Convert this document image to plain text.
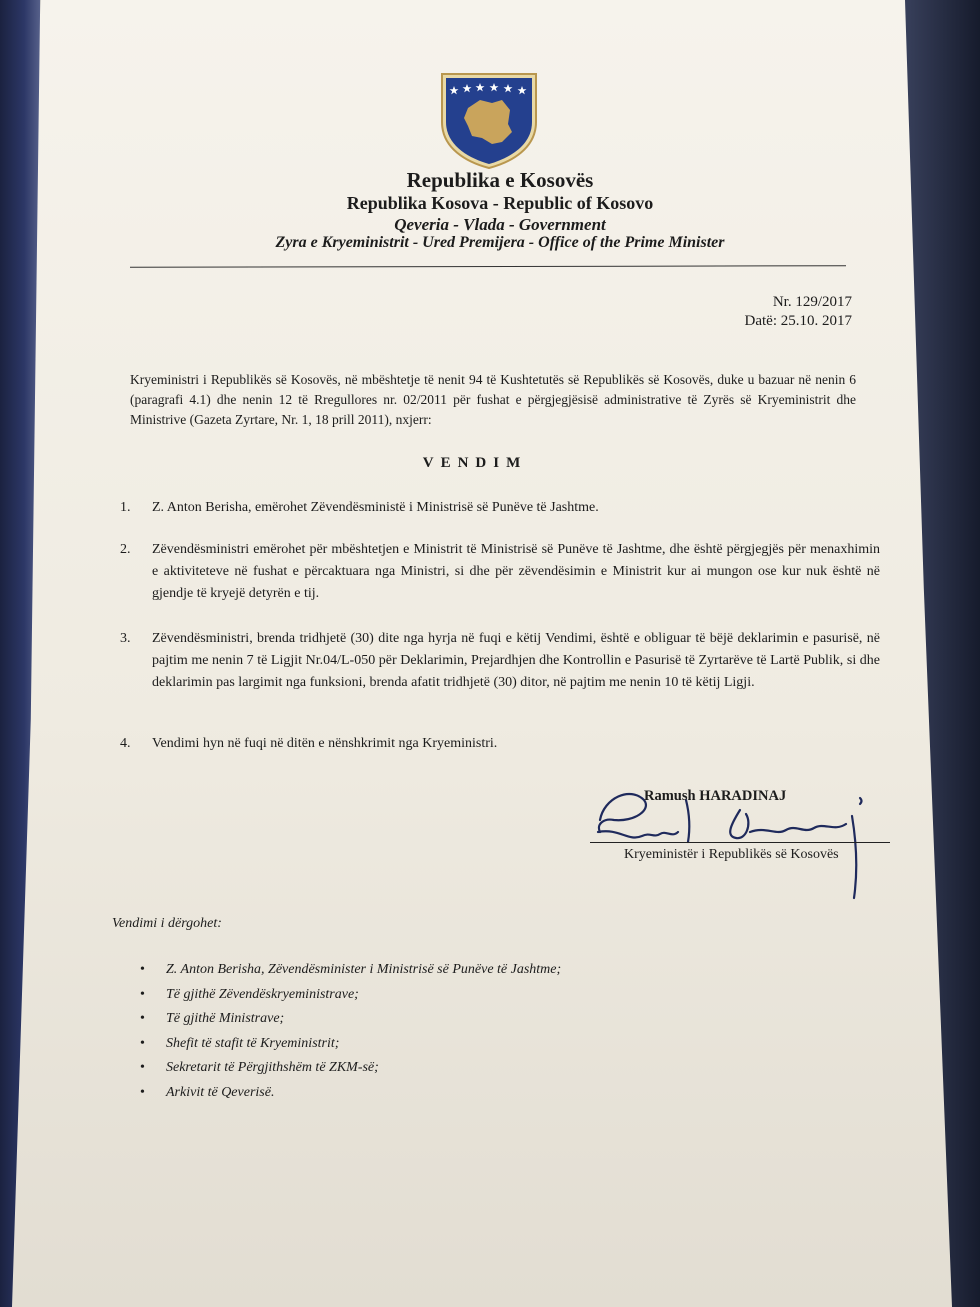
Republika e Kosovës

Republika Kosova - Republic of Kosovo

Qeveria - Vlada - Government

Zyra e Kryeministrit - Ured Premijera - Office of the Prime Minister

Nr. 129/2017
Datë: 25.10. 2017

Kryeministri i Republikës së Kosovës, në mbështetje të nenit 94 të Kushtetutës së Republikës së Kosovës, duke u bazuar në nenin 6 (paragrafi 4.1) dhe nenin 12 të Rregullores nr. 02/2011 për fushat e përgjegjësisë administrative të Zyrës së Kryeministrit dhe Ministrive (Gazeta Zyrtare, Nr. 1, 18 prill 2011), nxjerr:

VENDIM

1.	Z. Anton Berisha, emërohet Zëvendësministë i Ministrisë së Punëve të Jashtme.
2.	Zëvendësministri emërohet për mbështetjen e Ministrit të Ministrisë së Punëve të Jashtme, dhe është përgjegjës për menaxhimin e aktiviteteve në fushat e përcaktuara nga Ministri, si dhe për zëvendësimin e Ministrit kur ai mungon ose kur nuk është në gjendje të kryejë detyrën e tij.
3.	Zëvendësministri, brenda tridhjetë (30) dite nga hyrja në fuqi e këtij Vendimi, është e obliguar të bëjë deklarimin e pasurisë, në pajtim me nenin 7 të Ligjit Nr.04/L-050 për Deklarimin, Prejardhjen dhe Kontrollin e Pasurisë të Zyrtarëve të Lartë Publik, si dhe deklarimin pas largimit nga funksioni, brenda afatit tridhjetë (30) ditor, në pajtim me nenin 10 të këtij Ligji.
4.	Vendimi hyn në fuqi në ditën e nënshkrimit nga Kryeministri.
Ramush HARADINAJ
Kryeministër i Republikës së Kosovës

Vendimi i dërgohet:

• Z. Anton Berisha, Zëvendësminister i Ministrisë së Punëve të Jashtme;
• Të gjithë Zëvendëskryeministrave;
• Të gjithë Ministrave;
• Shefit të stafit të Kryeministrit;
• Sekretarit të Përgjithshëm të ZKM-së;
• Arkivit të Qeverisë.
